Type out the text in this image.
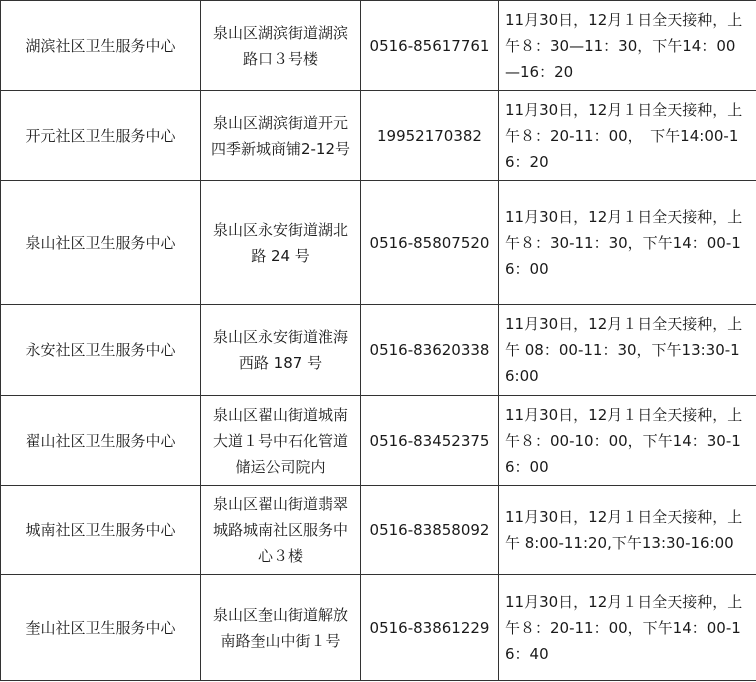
湖滨社区卫生服务中心	泉山区湖滨街道湖滨路口３号楼	0516-85617761	11月30日，12月１日全天接种，上午８：30—11：30，下午14：00—16：20
开元社区卫生服务中心	泉山区湖滨街道开元四季新城商铺2-12号	19952170382	11月30日，12月１日全天接种，上午８：20-11：00，　下午14:00-16：20
泉山社区卫生服务中心	泉山区永安街道湖北路 24 号	0516-85807520	11月30日，12月１日全天接种，上午８：30-11：30，下午14：00-16：00
永安社区卫生服务中心	泉山区永安街道淮海西路 187 号	0516-83620338	11月30日，12月１日全天接种，上午 08：00-11：30，下午13:30-16:00
翟山社区卫生服务中心	泉山区翟山街道城南大道１号中石化管道储运公司院内	0516-83452375	11月30日，12月１日全天接种，上午８：00-10：00，下午14：30-16：00
城南社区卫生服务中心	泉山区翟山街道翡翠城路城南社区服务中心３楼	0516-83858092	11月30日，12月１日全天接种，上午 8:00-11:20,下午13:30-16:00
奎山社区卫生服务中心	泉山区奎山街道解放南路奎山中街１号	0516-83861229	11月30日，12月１日全天接种，上午８：20-11：00，下午14：00-16：40
